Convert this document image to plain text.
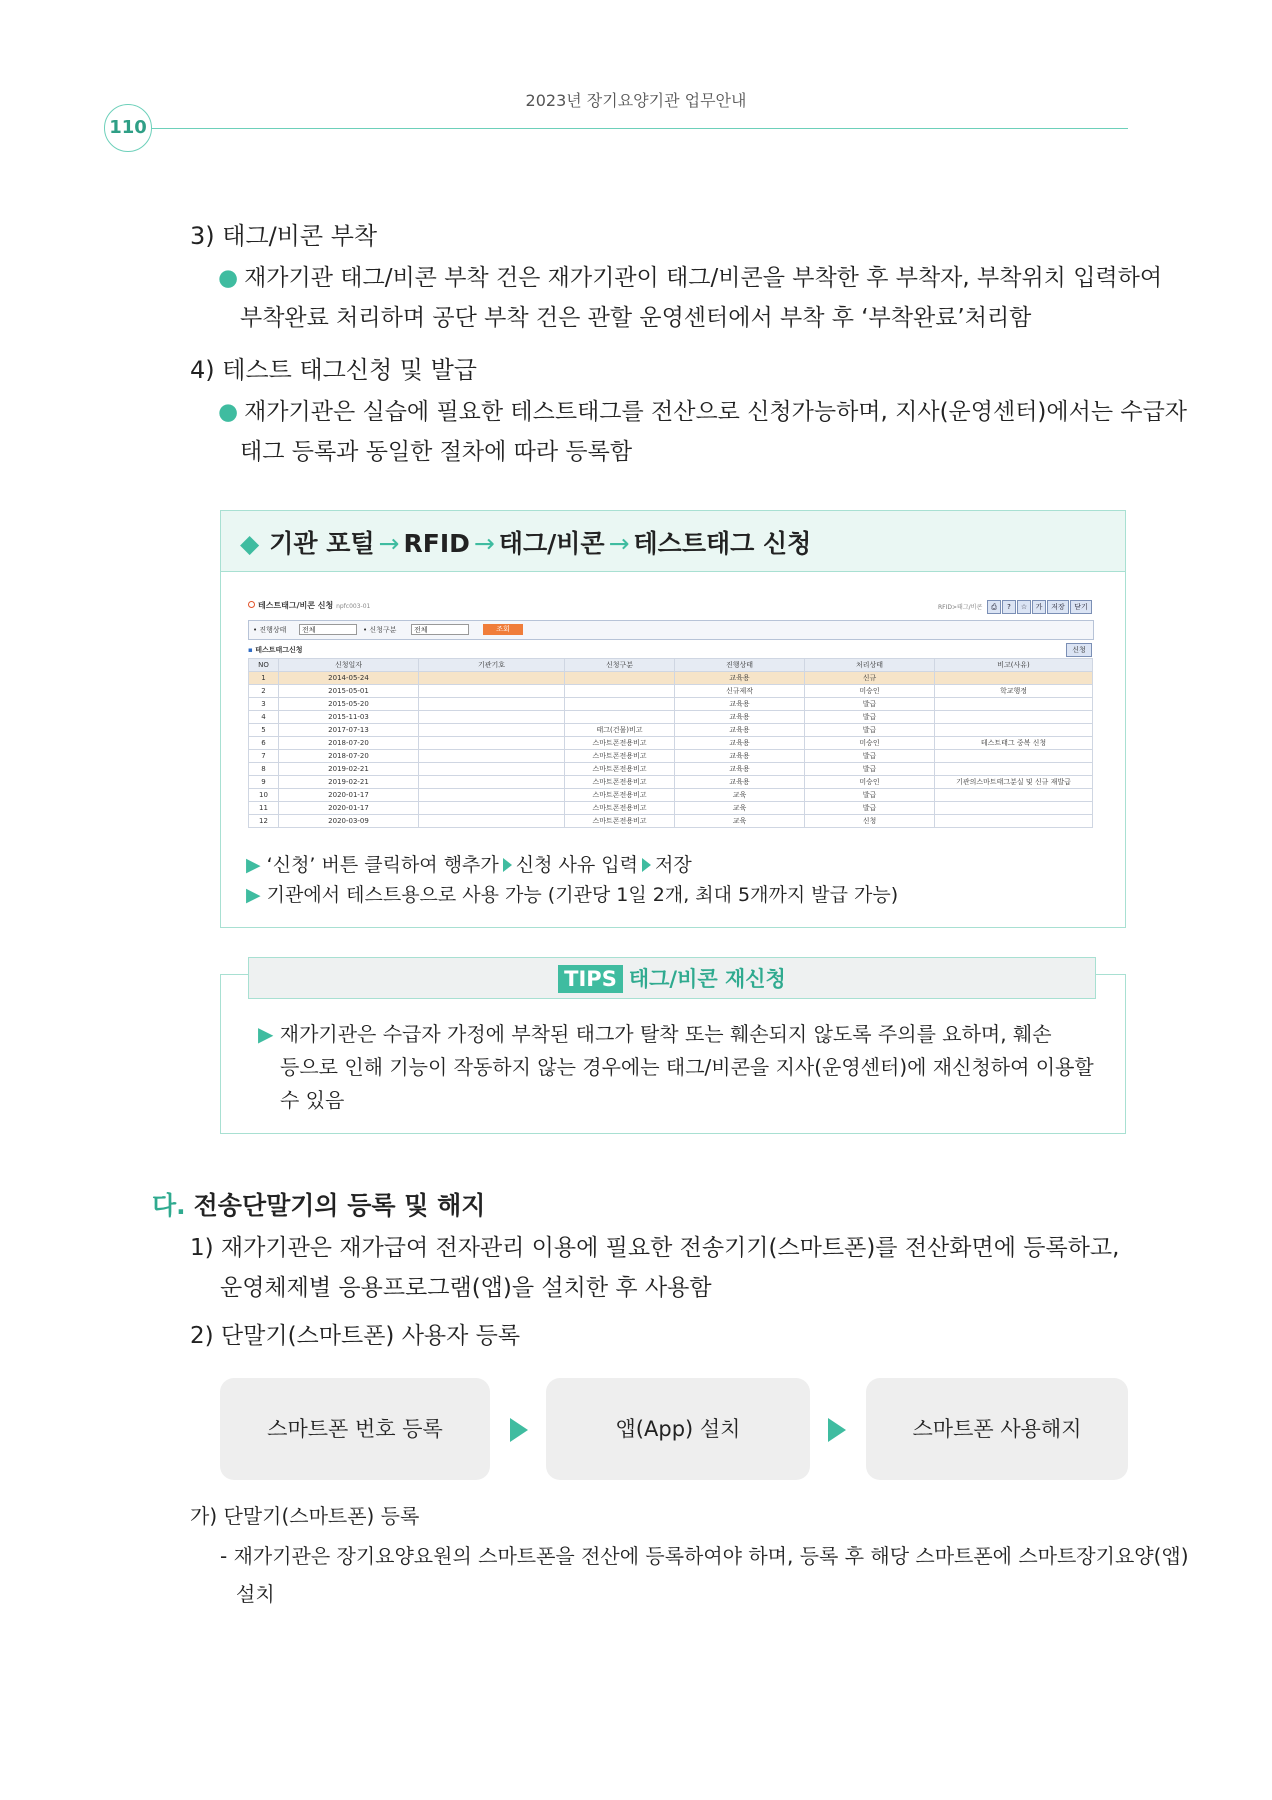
2023년 장기요양기관 업무안내
110
3) 태그/비콘 부착
● 재가기관 태그/비콘 부착 건은 재가기관이 태그/비콘을 부착한 후 부착자, 부착위치 입력하여
부착완료 처리하며 공단 부착 건은 관할 운영센터에서 부착 후 ‘부착완료’처리함
4) 테스트 태그신청 및 발급
● 재가기관은 실습에 필요한 테스트태그를 전산으로 신청가능하며, 지사(운영센터)에서는 수급자
태그 등록과 동일한 절차에 따라 등록함
◆ 기관 포털 → RFID → 태그/비콘 → 테스트태그 신청
테스트태그/비콘 신청 npfc003-01	RFID>태그/비콘	⎙	?	☆	가	저장	닫기
• 진행상태	전체	• 신청구분	전체	조회
▪ 테스트태그신청	신청
NO	신청일자	기관기호	신청구분	진행상태	처리상태	비고(사유)
1	2014-05-24			교육용	신규	
2	2015-05-01			신규제작	미승인	학교행정
3	2015-05-20			교육용	발급	
4	2015-11-03			교육용	발급	
5	2017-07-13		태그(건물)비고	교육용	발급	
6	2018-07-20		스마트폰전용비고	교육용	미승인	테스트태그 중복 신청
7	2018-07-20		스마트폰전용비고	교육용	발급	
8	2019-02-21		스마트폰전용비고	교육용	발급	
9	2019-02-21		스마트폰전용비고	교육용	미승인	기관의스마트태그분실 및 신규 재발급
10	2020-01-17		스마트폰전용비고	교육	발급	
11	2020-01-17		스마트폰전용비고	교육	발급	
12	2020-03-09		스마트폰전용비고	교육	신청	
▶ ‘신청’ 버튼 클릭하여 행추가 신청 사유 입력 저장
▶ 기관에서 테스트용으로 사용 가능 (기관당 1일 2개, 최대 5개까지 발급 가능)
TIPS 태그/비콘 재신청
▶ 재가기관은 수급자 가정에 부착된 태그가 탈착 또는 훼손되지 않도록 주의를 요하며, 훼손
등으로 인해 기능이 작동하지 않는 경우에는 태그/비콘을 지사(운영센터)에 재신청하여 이용할
수 있음
다. 전송단말기의 등록 및 해지
1) 재가기관은 재가급여 전자관리 이용에 필요한 전송기기(스마트폰)를 전산화면에 등록하고,
운영체제별 응용프로그램(앱)을 설치한 후 사용함
2) 단말기(스마트폰) 사용자 등록
스마트폰 번호 등록	앱(App) 설치	스마트폰 사용해지
가) 단말기(스마트폰) 등록
- 재가기관은 장기요양요원의 스마트폰을 전산에 등록하여야 하며, 등록 후 해당 스마트폰에 스마트장기요양(앱)
설치
